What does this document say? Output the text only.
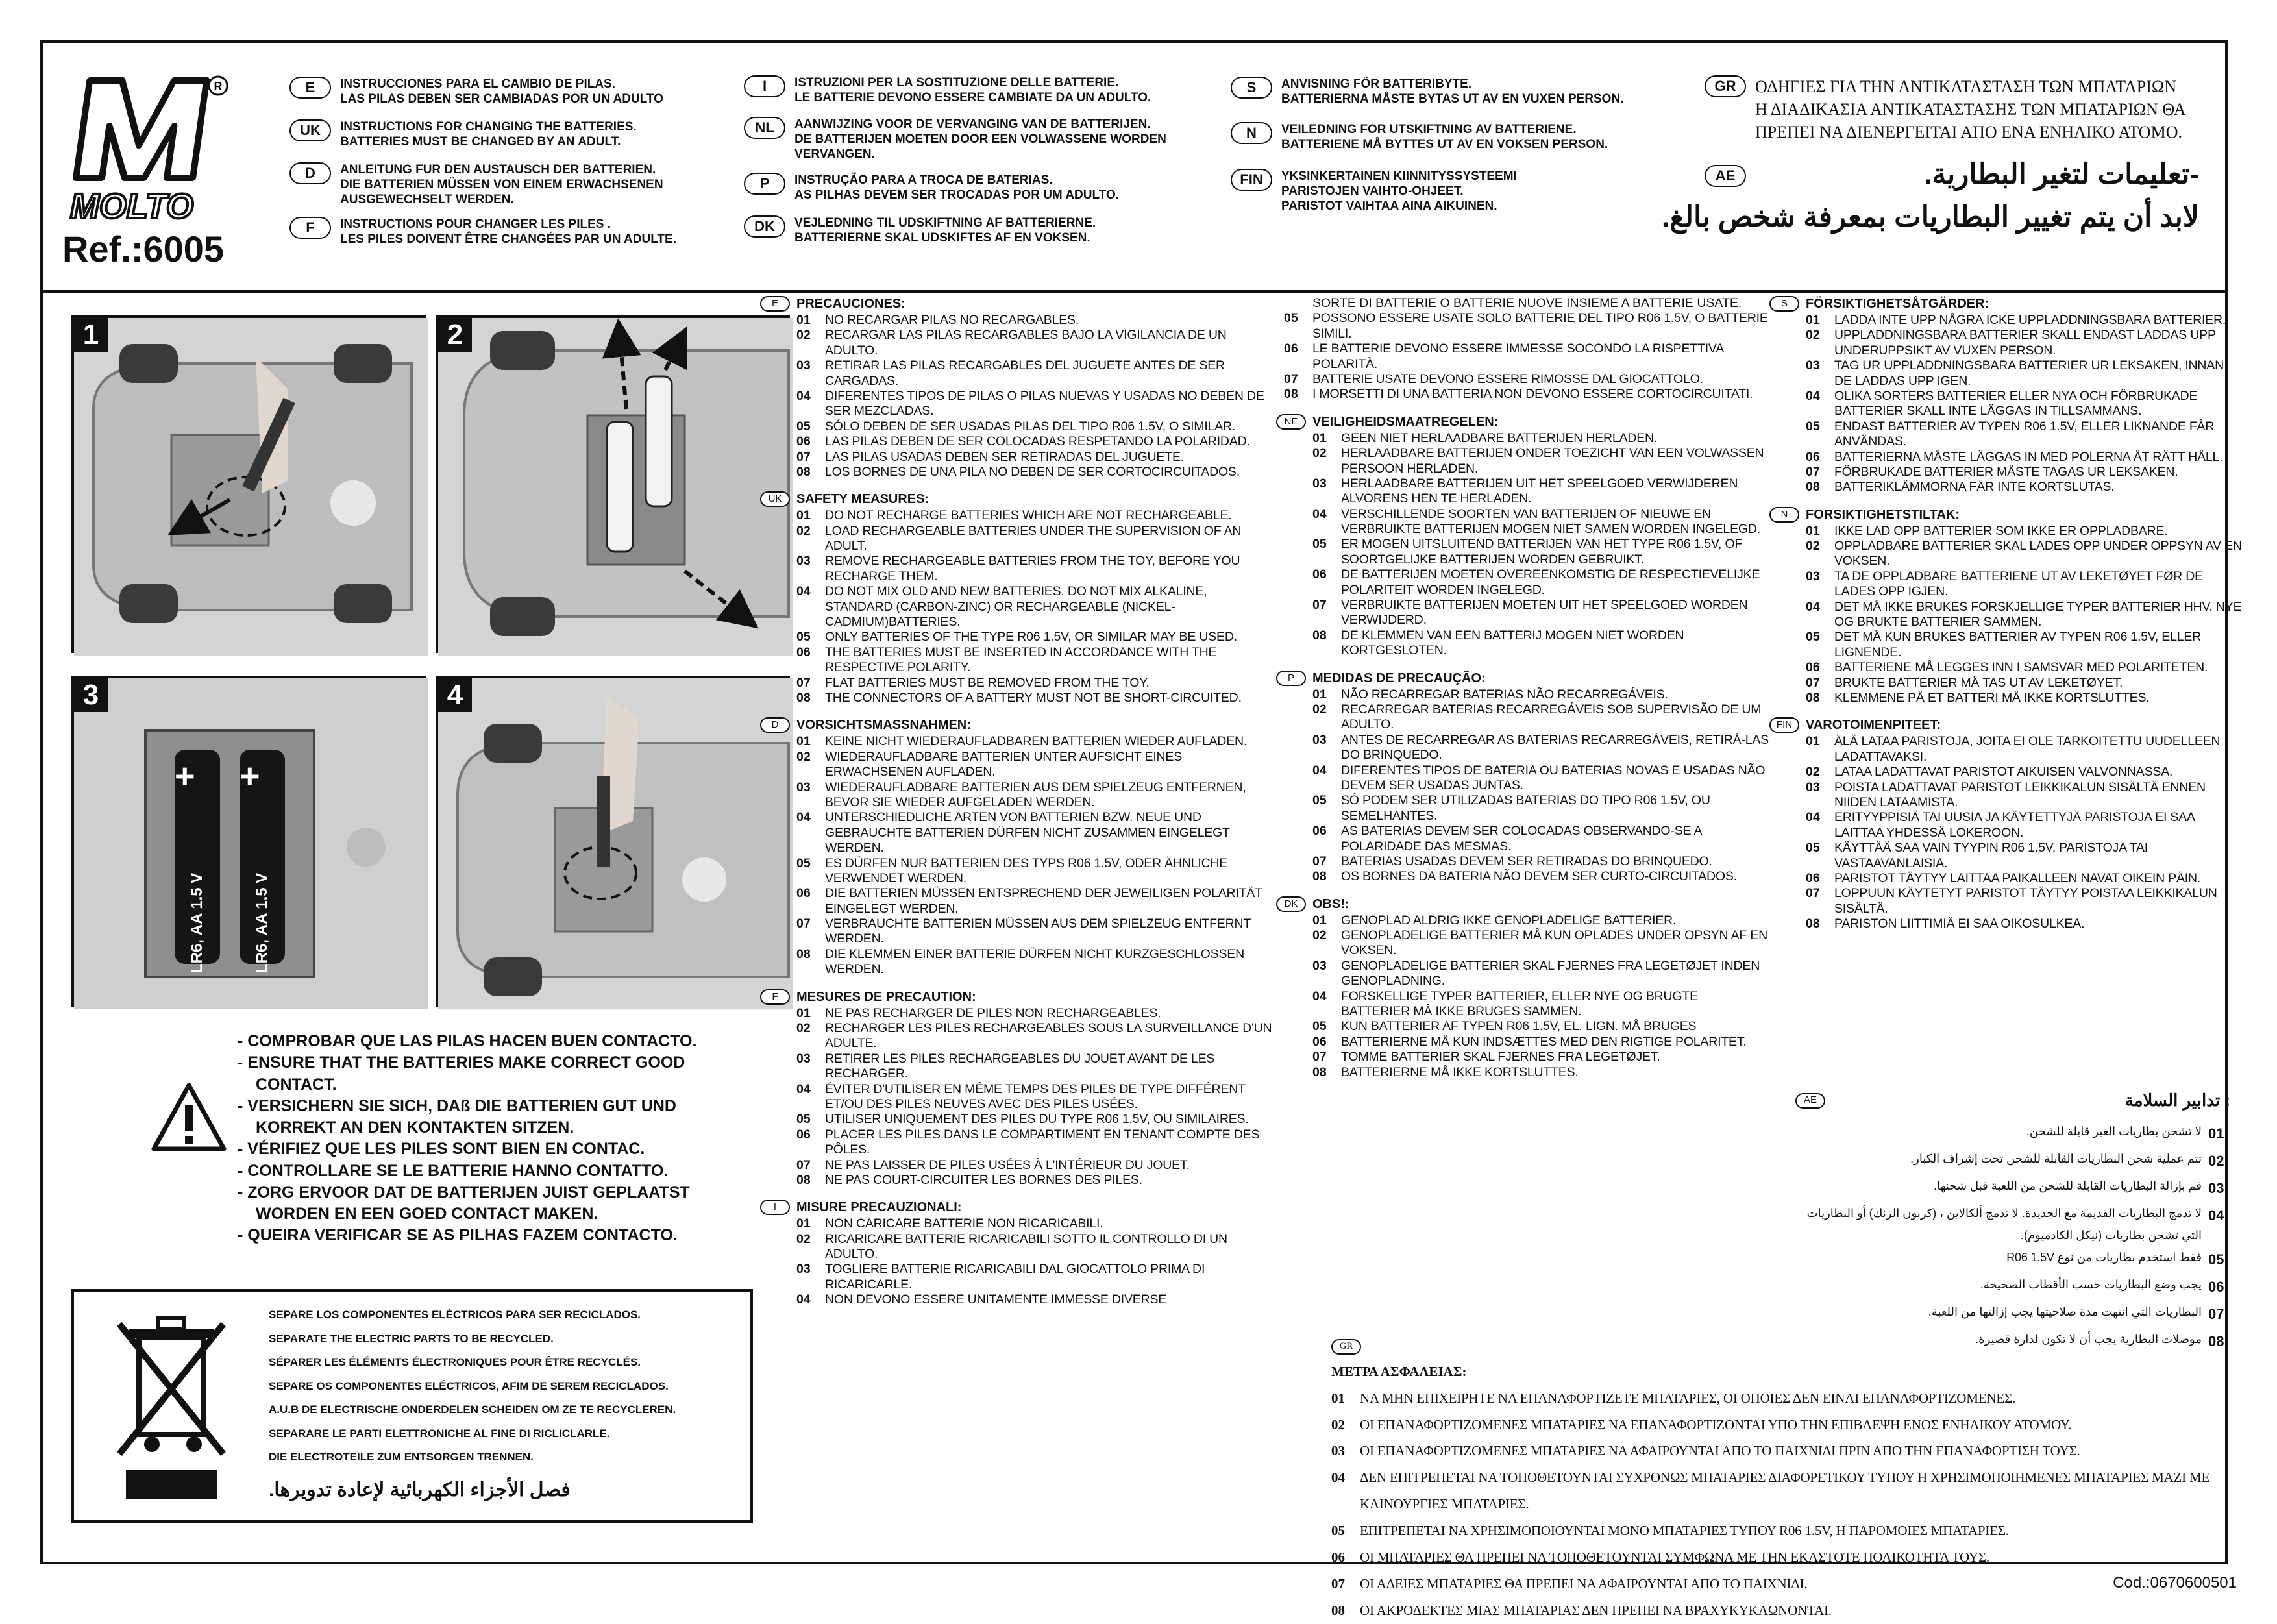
R
MOLTO
Ref.:6005
E	INSTRUCCIONES PARA EL CAMBIO DE PILAS.
LAS PILAS DEBEN SER CAMBIADAS POR UN ADULTO
UK	INSTRUCTIONS FOR CHANGING THE BATTERIES.
BATTERIES MUST BE CHANGED BY AN ADULT.
D	ANLEITUNG FUR DEN AUSTAUSCH DER BATTERIEN.
DIE BATTERIEN MÜSSEN VON EINEM ERWACHSENEN
AUSGEWECHSELT WERDEN.
F	INSTRUCTIONS POUR CHANGER LES PILES .
LES PILES DOIVENT ÊTRE CHANGÉES PAR UN ADULTE.
I	ISTRUZIONI PER LA SOSTITUZIONE DELLE BATTERIE.
LE BATTERIE DEVONO ESSERE CAMBIATE DA UN ADULTO.
NL	AANWIJZING VOOR DE VERVANGING VAN DE BATTERIJEN.
DE BATTERIJEN MOETEN DOOR EEN VOLWASSENE WORDEN
VERVANGEN.
P	INSTRUÇÃO PARA A TROCA DE BATERIAS.
AS PILHAS DEVEM SER TROCADAS POR UM ADULTO.
DK	VEJLEDNING TIL UDSKIFTNING AF BATTERIERNE.
BATTERIERNE SKAL UDSKIFTES AF EN VOKSEN.
S	ANVISNING FÖR BATTERIBYTE.
BATTERIERNA MÅSTE BYTAS UT AV EN VUXEN PERSON.
N	VEILEDNING FOR UTSKIFTNING AV BATTERIENE.
BATTERIENE MÅ BYTTES UT AV EN VOKSEN PERSON.
FIN	YKSINKERTAINEN KIINNITYSSYSTEEMI
PARISTOJEN VAIHTO-OHJEET.
PARISTOT VAIHTAA AINA AIKUINEN.
GR	ΟΔΗΓΙΕΣ ΓΙΑ ΤΗΝ ΑΝΤΙΚΑΤΑΣΤΑΣΗ ΤΩΝ ΜΠΑΤΑΡΙΩΝ
Η ΔΙΑΔΙΚΑΣΙΑ ΑΝΤΙΚΑΤΑΣΤΑΣΗΣ ΤΩΝ ΜΠΑΤΑΡΙΩΝ ΘΑ
ΠΡΕΠΕΙ ΝΑ ΔΙΕΝΕΡΓΕΙΤΑΙ ΑΠΟ ΕΝΑ ΕΝΗΛΙΚΟ ΑΤΟΜΟ.
AE	-تعليمات لتغير البطارية.
لابد أن يتم تغيير البطاريات بمعرفة شخص بالغ.
1	2
+ +
LR6, AA 1.5 V	LR6, AA 1.5 V
3	4
- COMPROBAR QUE LAS PILAS HACEN BUEN CONTACTO.
- ENSURE THAT THE BATTERIES MAKE CORRECT GOOD CONTACT.
- VERSICHERN SIE SICH, DAß DIE BATTERIEN GUT UND KORREKT AN DEN KONTAKTEN SITZEN.
- VÉRIFIEZ QUE LES PILES SONT BIEN EN CONTAC.
- CONTROLLARE SE LE BATTERIE HANNO CONTATTO.
- ZORG ERVOOR DAT DE BATTERIJEN JUIST GEPLAATST WORDEN EN EEN GOED CONTACT MAKEN.
- QUEIRA VERIFICAR SE AS PILHAS FAZEM CONTACTO.
SEPARE LOS COMPONENTES ELÉCTRICOS PARA SER RECICLADOS.
SEPARATE THE ELECTRIC PARTS TO BE RECYCLED.
SÉPARER LES ÉLÉMENTS ÉLECTRONIQUES POUR ÊTRE RECYCLÉS.
SEPARE OS COMPONENTES ELÉCTRICOS, AFIM DE SEREM RECICLADOS.
A.U.B DE ELECTRISCHE ONDERDELEN SCHEIDEN OM ZE TE RECYCLEREN.
SEPARARE LE PARTI ELETTRONICHE AL FINE DI RICLICLARLE.
DIE ELECTROTEILE ZUM ENTSORGEN TRENNEN.
فصل الأجزاء الكهربائية لإعادة تدويرها.
E	PRECAUCIONES:
01	NO RECARGAR PILAS NO RECARGABLES.
02	RECARGAR LAS PILAS RECARGABLES BAJO LA VIGILANCIA DE UN ADULTO.
03	RETIRAR LAS PILAS RECARGABLES DEL JUGUETE ANTES DE SER CARGADAS.
04	DIFERENTES TIPOS DE PILAS O PILAS NUEVAS Y USADAS NO DEBEN DE SER MEZCLADAS.
05	SÓLO DEBEN DE SER USADAS PILAS DEL TIPO R06 1.5V, O SIMILAR.
06	LAS PILAS DEBEN DE SER COLOCADAS RESPETANDO LA POLARIDAD.
07	LAS PILAS USADAS DEBEN SER RETIRADAS DEL JUGUETE.
08	LOS BORNES DE UNA PILA NO DEBEN DE SER CORTOCIRCUITADOS.
UK	SAFETY MEASURES:
01	DO NOT RECHARGE BATTERIES WHICH ARE NOT RECHARGEABLE.
02	LOAD RECHARGEABLE BATTERIES UNDER THE SUPERVISION OF AN ADULT.
03	REMOVE RECHARGEABLE BATTERIES FROM THE TOY, BEFORE YOU RECHARGE THEM.
04	DO NOT MIX OLD AND NEW BATTERIES. DO NOT MIX ALKALINE, STANDARD (CARBON-ZINC) OR RECHARGEABLE (NICKEL- CADMIUM)BATTERIES.
05	ONLY BATTERIES OF THE TYPE R06 1.5V, OR SIMILAR MAY BE USED.
06	THE BATTERIES MUST BE INSERTED IN ACCORDANCE WITH THE RESPECTIVE POLARITY.
07	FLAT BATTERIES MUST BE REMOVED FROM THE TOY.
08	THE CONNECTORS OF A BATTERY MUST NOT BE SHORT-CIRCUITED.
D	VORSICHTSMASSNAHMEN:
01	KEINE NICHT WIEDERAUFLADBAREN BATTERIEN WIEDER AUFLADEN.
02	WIEDERAUFLADBARE BATTERIEN UNTER AUFSICHT EINES ERWACHSENEN AUFLADEN.
03	WIEDERAUFLADBARE BATTERIEN AUS DEM SPIELZEUG ENTFERNEN, BEVOR SIE WIEDER AUFGELADEN WERDEN.
04	UNTERSCHIEDLICHE ARTEN VON BATTERIEN BZW. NEUE UND GEBRAUCHTE BATTERIEN DÜRFEN NICHT ZUSAMMEN EINGELEGT WERDEN.
05	ES DÜRFEN NUR BATTERIEN DES TYPS R06 1.5V, ODER ÄHNLICHE VERWENDET WERDEN.
06	DIE BATTERIEN MÜSSEN ENTSPRECHEND DER JEWEILIGEN POLARITÄT EINGELEGT WERDEN.
07	VERBRAUCHTE BATTERIEN MÜSSEN AUS DEM SPIELZEUG ENTFERNT WERDEN.
08	DIE KLEMMEN EINER BATTERIE DÜRFEN NICHT KURZGESCHLOSSEN WERDEN.
F	MESURES DE PRECAUTION:
01	NE PAS RECHARGER DE PILES NON RECHARGEABLES.
02	RECHARGER LES PILES RECHARGEABLES SOUS LA SURVEILLANCE D'UN ADULTE.
03	RETIRER LES PILES RECHARGEABLES DU JOUET AVANT DE LES RECHARGER.
04	ÉVITER D'UTILISER EN MÊME TEMPS DES PILES DE TYPE DIFFÉRENT ET/OU DES PILES NEUVES AVEC DES PILES USÉES.
05	UTILISER UNIQUEMENT DES PILES DU TYPE R06 1.5V, OU SIMILAIRES.
06	PLACER LES PILES DANS LE COMPARTIMENT EN TENANT COMPTE DES PÔLES.
07	NE PAS LAISSER DE PILES USÉES À L'INTÉRIEUR DU JOUET.
08	NE PAS COURT-CIRCUITER LES BORNES DES PILES.
I	MISURE PRECAUZIONALI:
01	NON CARICARE BATTERIE NON RICARICABILI.
02	RICARICARE BATTERIE RICARICABILI SOTTO IL CONTROLLO DI UN ADULTO.
03	TOGLIERE BATTERIE RICARICABILI DAL GIOCATTOLO PRIMA DI RICARICARLE.
04	NON DEVONO ESSERE UNITAMENTE IMMESSE DIVERSE
SORTE DI BATTERIE O BATTERIE NUOVE INSIEME A BATTERIE USATE.
05	POSSONO ESSERE USATE SOLO BATTERIE DEL TIPO R06 1.5V, O BATTERIE SIMILI.
06	LE BATTERIE DEVONO ESSERE IMMESSE SOCONDO LA RISPETTIVA POLARITÀ.
07	BATTERIE USATE DEVONO ESSERE RIMOSSE DAL GIOCATTOLO.
08	I MORSETTI DI UNA BATTERIA NON DEVONO ESSERE CORTOCIRCUITATI.
NE	VEILIGHEIDSMAATREGELEN:
01	GEEN NIET HERLAADBARE BATTERIJEN HERLADEN.
02	HERLAADBARE BATTERIJEN ONDER TOEZICHT VAN EEN VOLWASSEN PERSOON HERLADEN.
03	HERLAADBARE BATTERIJEN UIT HET SPEELGOED VERWIJDEREN ALVORENS HEN TE HERLADEN.
04	VERSCHILLENDE SOORTEN VAN BATTERIJEN OF NIEUWE EN VERBRUIKTE BATTERIJEN MOGEN NIET SAMEN WORDEN INGELEGD.
05	ER MOGEN UITSLUITEND BATTERIJEN VAN HET TYPE R06 1.5V, OF SOORTGELIJKE BATTERIJEN WORDEN GEBRUIKT.
06	DE BATTERIJEN MOETEN OVEREENKOMSTIG DE RESPECTIEVELIJKE POLARITEIT WORDEN INGELEGD.
07	VERBRUIKTE BATTERIJEN MOETEN UIT HET SPEELGOED WORDEN VERWIJDERD.
08	DE KLEMMEN VAN EEN BATTERIJ MOGEN NIET WORDEN KORTGESLOTEN.
P	MEDIDAS DE PRECAUÇÃO:
01	NÃO RECARREGAR BATERIAS NÃO RECARREGÁVEIS.
02	RECARREGAR BATERIAS RECARREGÁVEIS SOB SUPERVISÃO DE UM ADULTO.
03	ANTES DE RECARREGAR AS BATERIAS RECARREGÁVEIS, RETIRÁ-LAS DO BRINQUEDO.
04	DIFERENTES TIPOS DE BATERIA OU BATERIAS NOVAS E USADAS NÃO DEVEM SER USADAS JUNTAS.
05	SÓ PODEM SER UTILIZADAS BATERIAS DO TIPO R06 1.5V, OU SEMELHANTES.
06	AS BATERIAS DEVEM SER COLOCADAS OBSERVANDO-SE A POLARIDADE DAS MESMAS.
07	BATERIAS USADAS DEVEM SER RETIRADAS DO BRINQUEDO.
08	OS BORNES DA BATERIA NÃO DEVEM SER CURTO-CIRCUITADOS.
DK	OBS!:
01	GENOPLAD ALDRIG IKKE GENOPLADELIGE BATTERIER.
02	GENOPLADELIGE BATTERIER MÅ KUN OPLADES UNDER OPSYN AF EN VOKSEN.
03	GENOPLADELIGE BATTERIER SKAL FJERNES FRA LEGETØJET INDEN GENOPLADNING.
04	FORSKELLIGE TYPER BATTERIER, ELLER NYE OG BRUGTE BATTERIER MÅ IKKE BRUGES SAMMEN.
05	KUN BATTERIER AF TYPEN R06 1.5V, EL. LIGN. MÅ BRUGES
06	BATTERIERNE MÅ KUN INDSÆTTES MED DEN RIGTIGE POLARITET.
07	TOMME BATTERIER SKAL FJERNES FRA LEGETØJET.
08	BATTERIERNE MÅ IKKE KORTSLUTTES.
S	FÖRSIKTIGHETSÅTGÄRDER:
01	LADDA INTE UPP NÅGRA ICKE UPPLADDNINGSBARA BATTERIER.
02	UPPLADDNINGSBARA BATTERIER SKALL ENDAST LADDAS UPP UNDERUPPSIKT AV VUXEN PERSON.
03	TAG UR UPPLADDNINGSBARA BATTERIER UR LEKSAKEN, INNAN DE LADDAS UPP IGEN.
04	OLIKA SORTERS BATTERIER ELLER NYA OCH FÖRBRUKADE BATTERIER SKALL INTE LÄGGAS IN TILLSAMMANS.
05	ENDAST BATTERIER AV TYPEN R06 1.5V, ELLER LIKNANDE FÅR ANVÄNDAS.
06	BATTERIERNA MÅSTE LÄGGAS IN MED POLERNA ÅT RÄTT HÅLL.
07	FÖRBRUKADE BATTERIER MÅSTE TAGAS UR LEKSAKEN.
08	BATTERIKLÄMMORNA FÅR INTE KORTSLUTAS.
N	FORSIKTIGHETSTILTAK:
01	IKKE LAD OPP BATTERIER SOM IKKE ER OPPLADBARE.
02	OPPLADBARE BATTERIER SKAL LADES OPP UNDER OPPSYN AV EN VOKSEN.
03	TA DE OPPLADBARE BATTERIENE UT AV LEKETØYET FØR DE LADES OPP IGJEN.
04	DET MÅ IKKE BRUKES FORSKJELLIGE TYPER BATTERIER HHV. NYE OG BRUKTE BATTERIER SAMMEN.
05	DET MÅ KUN BRUKES BATTERIER AV TYPEN R06 1.5V, ELLER LIGNENDE.
06	BATTERIENE MÅ LEGGES INN I SAMSVAR MED POLARITETEN.
07	BRUKTE BATTERIER MÅ TAS UT AV LEKETØYET.
08	KLEMMENE PÅ ET BATTERI MÅ IKKE KORTSLUTTES.
FIN	VAROTOIMENPITEET:
01	ÄLÄ LATAA PARISTOJA, JOITA EI OLE TARKOITETTU UUDELLEEN LADATTAVAKSI.
02	LATAA LADATTAVAT PARISTOT AIKUISEN VALVONNASSA.
03	POISTA LADATTAVAT PARISTOT LEIKKIKALUN SISÄLTÄ ENNEN NIIDEN LATAAMISTA.
04	ERITYYPPISIÄ TAI UUSIA JA KÄYTETTYJÄ PARISTOJA EI SAA LAITTAA YHDESSÄ LOKEROON.
05	KÄYTTÄÄ SAA VAIN TYYPIN R06 1.5V, PARISTOJA TAI VASTAAVANLAISIA.
06	PARISTOT TÄYTYY LAITTAA PAIKALLEEN NAVAT OIKEIN PÄIN.
07	LOPPUUN KÄYTETYT PARISTOT TÄYTYY POISTAA LEIKKIKALUN SISÄLTÄ.
08	PARISTON LIITTIMIÄ EI SAA OIKOSULKEA.
AE	تدابير السلامة :
01
لا تشحن بطاريات الغير قابلة للشحن.
02
تتم عملية شحن البطاريات القابلة للشحن تحت إشراف الكبار.
03
قم بإزالة البطاريات القابلة للشحن من اللعبة قبل شحنها.
04
لا تدمج البطاريات القديمة مع الجديدة. لا تدمج ألكالاين ، (كربون الزنك) أو البطاريات التي تشحن بطاريات (نيكل الكادميوم).
05
فقط استخدم بطاريات من نوع R06 1.5V
06
يجب وضع البطاريات حسب الأقطاب الصحيحة.
07
البطاريات التي انتهت مدة صلاحيتها يجب إزالتها من اللعبة.
08
موصلات البطارية يجب أن لا تكون لدارة قصيرة.
GR
ΜΕΤΡΑ ΑΣΦΑΛΕΙΑΣ:
01	ΝΑ ΜΗΝ ΕΠΙΧΕΙΡΗΤΕ ΝΑ ΕΠΑΝΑΦΟΡΤΙΖΕΤΕ ΜΠΑΤΑΡΙΕΣ, ΟΙ ΟΠΟΙΕΣ ΔΕΝ ΕΙΝΑΙ ΕΠΑΝΑΦΟΡΤΙΖΟΜΕΝΕΣ.
02	ΟΙ ΕΠΑΝΑΦΟΡΤΙΖΟΜΕΝΕΣ ΜΠΑΤΑΡΙΕΣ ΝΑ ΕΠΑΝΑΦΟΡΤΙΖΟΝΤΑΙ ΥΠΟ ΤΗΝ ΕΠΙΒΛΕΨΗ ΕΝΟΣ ΕΝΗΛΙΚΟΥ ΑΤΟΜΟΥ.
03	ΟΙ ΕΠΑΝΑΦΟΡΤΙΖΟΜΕΝΕΣ ΜΠΑΤΑΡΙΕΣ ΝΑ ΑΦΑΙΡΟΥΝΤΑΙ ΑΠΟ ΤΟ ΠΑΙΧΝΙΔΙ ΠΡΙΝ ΑΠΟ ΤΗΝ ΕΠΑΝΑΦΟΡΤΙΣΗ ΤΟΥΣ.
04	ΔΕΝ ΕΠΙΤΡΕΠΕΤΑΙ ΝΑ ΤΟΠΟΘΕΤΟΥΝΤΑΙ ΣΥΧΡΟΝΩΣ ΜΠΑΤΑΡΙΕΣ ΔΙΑΦΟΡΕΤΙΚΟΥ ΤΥΠΟΥ Η ΧΡΗΣΙΜΟΠΟΙΗΜΕΝΕΣ ΜΠΑΤΑΡΙΕΣ ΜΑΖΙ ΜΕ ΚΑΙΝΟΥΡΓΙΕΣ ΜΠΑΤΑΡΙΕΣ.
05	ΕΠΙΤΡΕΠΕΤΑΙ ΝΑ ΧΡΗΣΙΜΟΠΟΙΟΥΝΤΑΙ ΜΟΝΟ ΜΠΑΤΑΡΙΕΣ ΤΥΠΟΥ R06 1.5V, Η ΠΑΡΟΜΟΙΕΣ ΜΠΑΤΑΡΙΕΣ.
06	ΟΙ ΜΠΑΤΑΡΙΕΣ ΘΑ ΠΡΕΠΕΙ ΝΑ ΤΟΠΟΘΕΤΟΥΝΤΑΙ ΣΥΜΦΩΝΑ ΜΕ ΤΗΝ ΕΚΑΣΤΟΤΕ ΠΟΛΙΚΟΤΗΤΑ ΤΟΥΣ.
07	ΟΙ ΑΔΕΙΕΣ ΜΠΑΤΑΡΙΕΣ ΘΑ ΠΡΕΠΕΙ ΝΑ ΑΦΑΙΡΟΥΝΤΑΙ ΑΠΟ ΤΟ ΠΑΙΧΝΙΔΙ.
08	ΟΙ ΑΚΡΟΔΕΚΤΕΣ ΜΙΑΣ ΜΠΑΤΑΡΙΑΣ ΔΕΝ ΠΡΕΠΕΙ ΝΑ ΒΡΑΧΥΚΥΚΛΩΝΟΝΤΑΙ.
Cod.:0670600501
